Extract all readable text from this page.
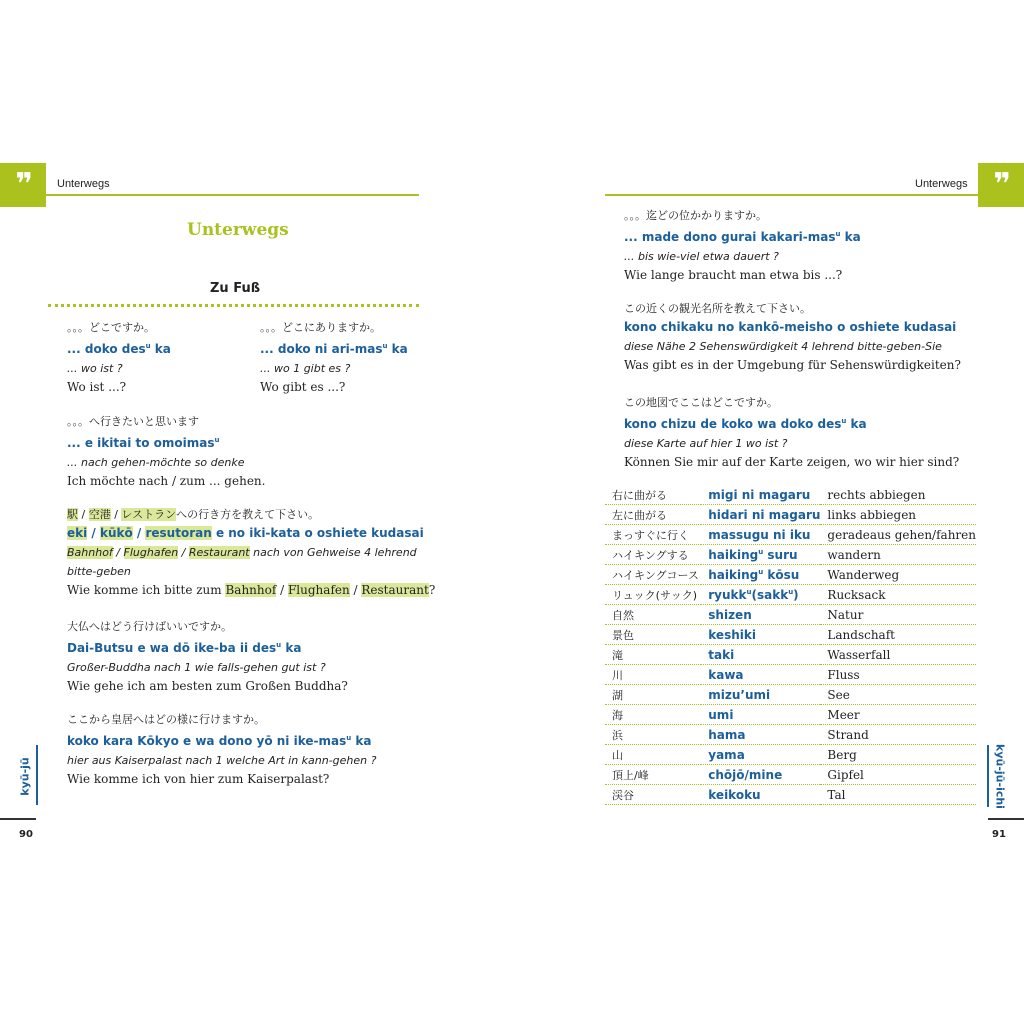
❞	Unterwegs
Unterwegs
Zu Fuß
。。。どこですか。
... doko des$^u$ ka
... wo ist ?
Wo ist ...?
。。。どこにありますか。
... doko ni ari-mas$^u$ ka
... wo 1 gibt es ?
Wo gibt es ...?
。。。へ行きたいと思います
... e ikitai to omoimas$^u$
... nach gehen-möchte so denke
Ich möchte nach / zum ... gehen.
駅 / 空港 / レストランへの行き方を教えて下さい。
eki / kūkō / resutoran e no iki-kata o oshiete kudasai
Bahnhof / Flughafen / Restaurant nach von Gehweise 4 lehrend
bitte-geben
Wie komme ich bitte zum Bahnhof / Flughafen / Restaurant?
大仏へはどう行けばいいですか。
Dai-Butsu e wa dō ike-ba ii des$^u$ ka
Großer-Buddha nach 1 wie falls-gehen gut ist ?
Wie gehe ich am besten zum Großen Buddha?
ここから皇居へはどの様に行けますか。
koko kara Kōkyo e wa dono yō ni ike-mas$^u$ ka
hier aus Kaiserpalast nach 1 welche Art in kann-gehen ?
Wie komme ich von hier zum Kaiserpalast?
kyū-jū
90
❞
Unterwegs
。。。迄どの位かかりますか。
... made dono gurai kakari-mas$^u$ ka
... bis wie-viel etwa dauert ?
Wie lange braucht man etwa bis ...?
この近くの観光名所を教えて下さい。
kono chikaku no kankō-meisho o oshiete kudasai
diese Nähe 2 Sehenswürdigkeit 4 lehrend bitte-geben-Sie
Was gibt es in der Umgebung für Sehenswürdigkeiten?
この地図でここはどこですか。
kono chizu de koko wa doko des$^u$ ka
diese Karte auf hier 1 wo ist ?
Können Sie mir auf der Karte zeigen, wo wir hier sind?
右に曲がる	migi ni magaru	rechts abbiegen
左に曲がる	hidari ni magaru	links abbiegen
まっすぐに行く	massugu ni iku	geradeaus gehen/fahren
ハイキングする	haiking$^u$ suru	wandern
ハイキングコース	haiking$^u$ kōsu	Wanderweg
リュック(サック)	ryukk$^u$(sakk$^u$)	Rucksack
自然	shizen	Natur
景色	keshiki	Landschaft
滝	taki	Wasserfall
川	kawa	Fluss
湖	mizu’umi	See
海	umi	Meer
浜	hama	Strand
山	yama	Berg
頂上/峰	chōjō/mine	Gipfel
渓谷	keikoku	Tal	kyū-jū-ichi
91
